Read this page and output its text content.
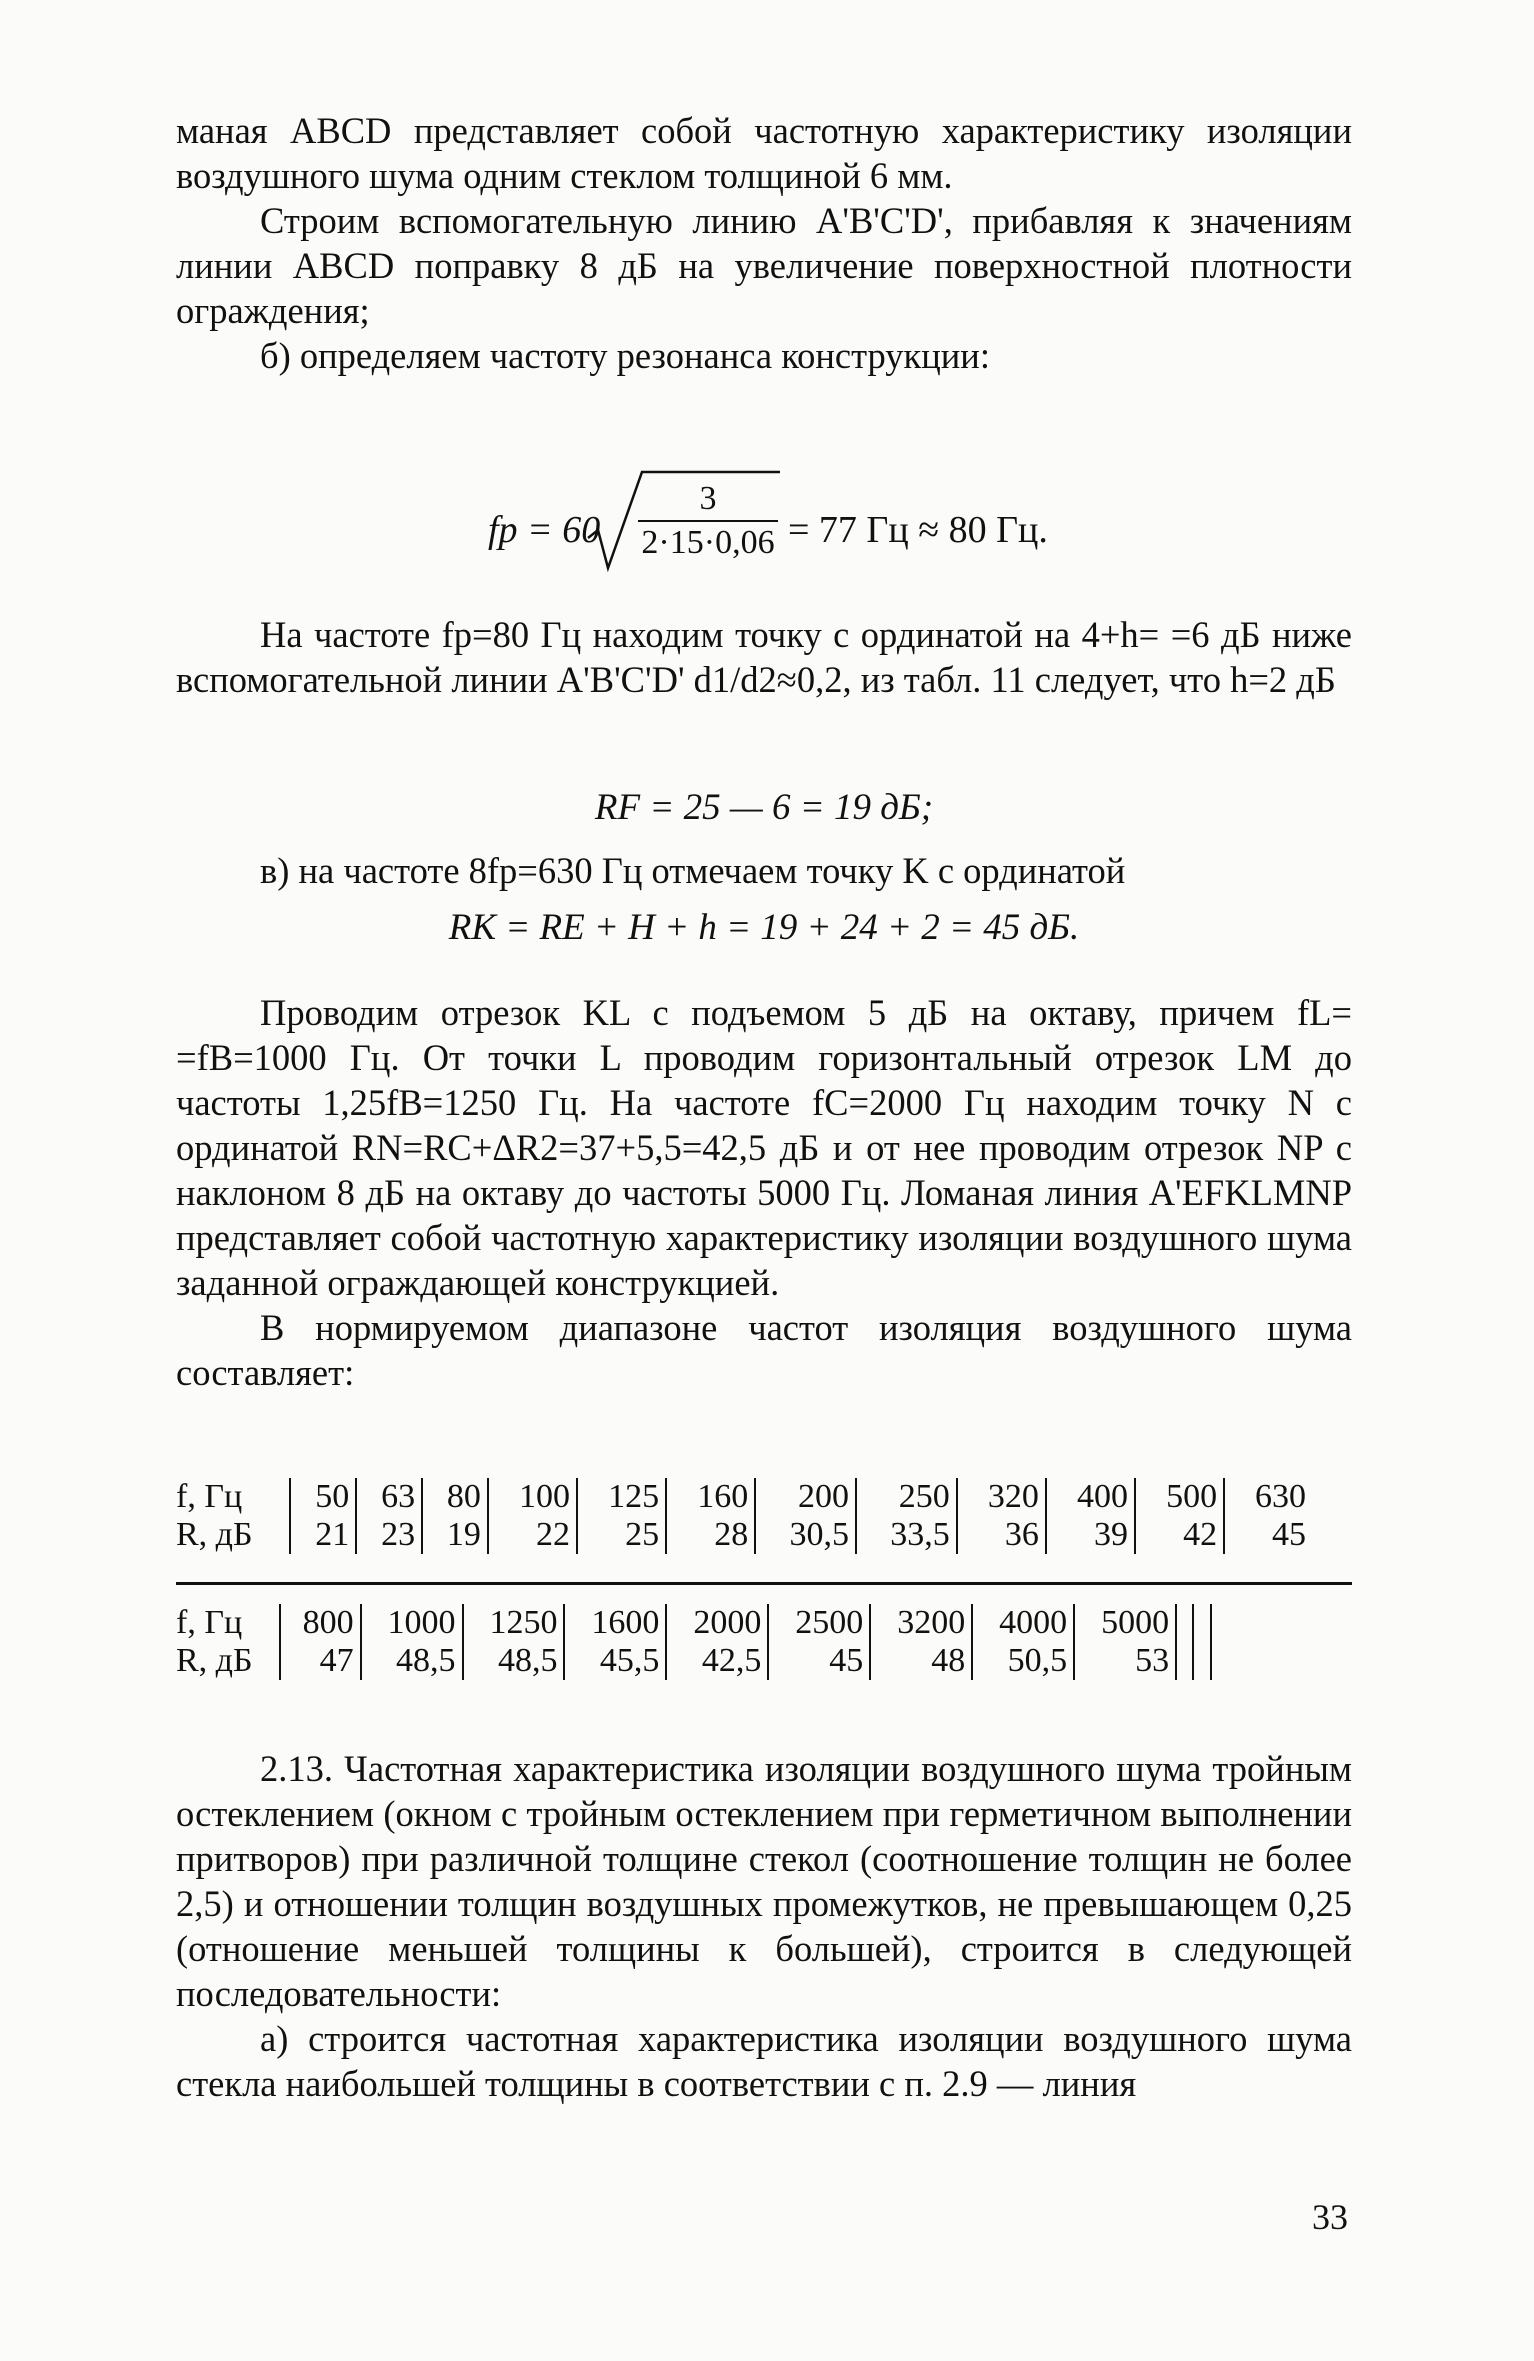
маная ABCD представляет собой частотную характеристику изоляции воздушного шума одним стеклом толщиной 6 мм.

Строим вспомогательную линию A'B'C'D', прибавляя к значениям линии ABCD поправку 8 дБ на увеличение поверхностной плотности ограждения;

б) определяем частоту резонанса конструкции:

fр = $60 \frac{3}{2\cdot 15\cdot 0,06} = 77$ Гц ≈ 80 Гц.

На частоте fр=80 Гц находим точку с ординатой на 4+h= =6 дБ ниже вспомогательной линии A'B'C'D' d1/d2≈0,2, из табл. 11 следует, что h=2 дБ

RF = 25 — 6 = 19 дБ;

в) на частоте 8fр=630 Гц отмечаем точку K с ординатой

RK = RE + H + h = 19 + 24 + 2 = 45 дБ.

Проводим отрезок KL с подъемом 5 дБ на октаву, причем fL= =fB=1000 Гц. От точки L проводим горизонтальный отрезок LM до частоты 1,25fB=1250 Гц. На частоте fC=2000 Гц находим точку N с ординатой RN=RC+ΔR2=37+5,5=42,5 дБ и от нее проводим отрезок NP с наклоном 8 дБ на октаву до частоты 5000 Гц. Ломаная линия A'EFKLMNP представляет собой частотную характеристику изоляции воздушного шума заданной ограждающей конструкцией.

В нормируемом диапазоне частот изоляция воздушного шума составляет:

f, Гц	50	63	80	100	125	160	200	250	320	400	500	630
R, дБ	21	23	19	22	25	28	30,5	33,5	36	39	42	45
f, Гц	800	1000	1250	1600	2000	2500	3200	4000	5000		
R, дБ	47	48,5	48,5	45,5	42,5	45	48	50,5	53		

2.13. Частотная характеристика изоляции воздушного шума тройным остеклением (окном с тройным остеклением при герметичном выполнении притворов) при различной толщине стекол (соотношение толщин не более 2,5) и отношении толщин воздушных промежутков, не превышающем 0,25 (отношение меньшей толщины к большей), строится в следующей последовательности:

а) строится частотная характеристика изоляции воздушного шума стекла наибольшей толщины в соответствии с п. 2.9 — линия

33
